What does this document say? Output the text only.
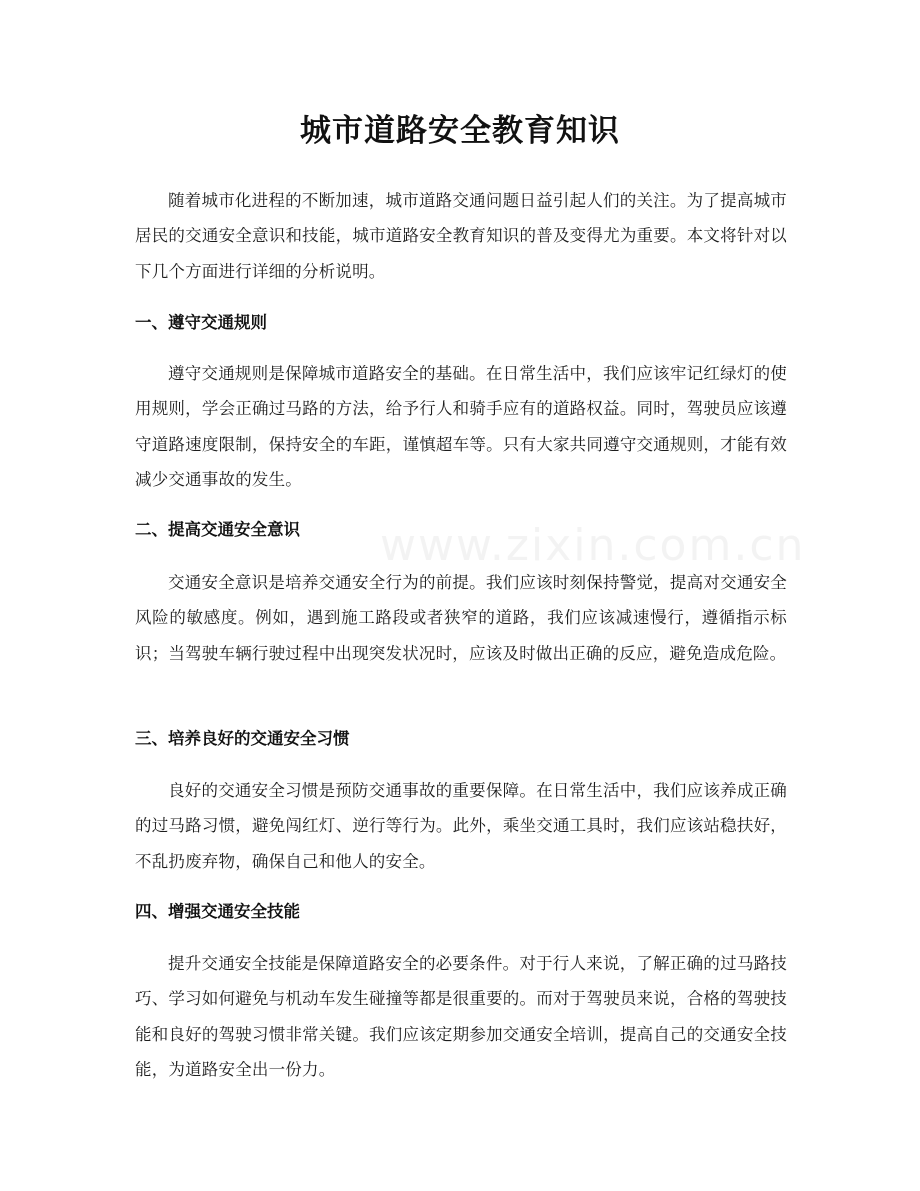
城市道路安全教育知识

随着城市化进程的不断加速，城市道路交通问题日益引起人们的关注。为了提高城市居民的交通安全意识和技能，城市道路安全教育知识的普及变得尤为重要。本文将针对以下几个方面进行详细的分析说明。

一、遵守交通规则

遵守交通规则是保障城市道路安全的基础。在日常生活中，我们应该牢记红绿灯的使用规则，学会正确过马路的方法，给予行人和骑手应有的道路权益。同时，驾驶员应该遵守道路速度限制，保持安全的车距，谨慎超车等。只有大家共同遵守交通规则，才能有效减少交通事故的发生。

二、提高交通安全意识

交通安全意识是培养交通安全行为的前提。我们应该时刻保持警觉，提高对交通安全风险的敏感度。例如，遇到施工路段或者狭窄的道路，我们应该减速慢行，遵循指示标识；当驾驶车辆行驶过程中出现突发状况时，应该及时做出正确的反应，避免造成危险。

三、培养良好的交通安全习惯

良好的交通安全习惯是预防交通事故的重要保障。在日常生活中，我们应该养成正确的过马路习惯，避免闯红灯、逆行等行为。此外，乘坐交通工具时，我们应该站稳扶好，不乱扔废弃物，确保自己和他人的安全。

四、增强交通安全技能

提升交通安全技能是保障道路安全的必要条件。对于行人来说，了解正确的过马路技巧、学习如何避免与机动车发生碰撞等都是很重要的。而对于驾驶员来说，合格的驾驶技能和良好的驾驶习惯非常关键。我们应该定期参加交通安全培训，提高自己的交通安全技能，为道路安全出一份力。

www.zixin.com.cn
